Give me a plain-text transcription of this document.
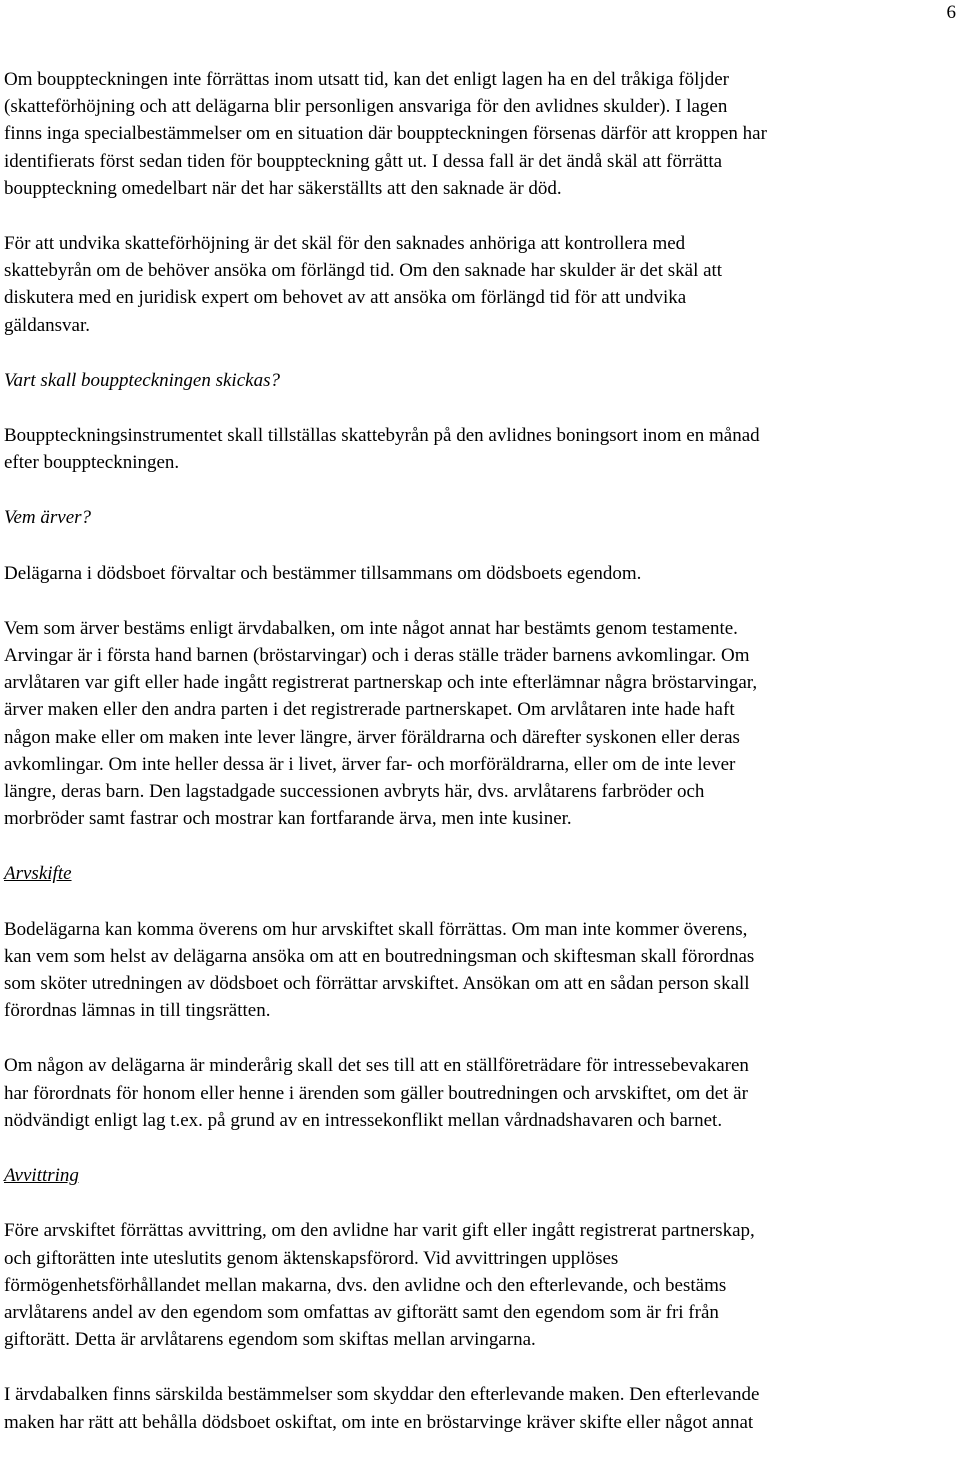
6

Om bouppteckningen inte förrättas inom utsatt tid, kan det enligt lagen ha en del tråkiga följder
(skatteförhöjning och att delägarna blir personligen ansvariga för den avlidnes skulder). I lagen
finns inga specialbestämmelser om en situation där bouppteckningen försenas därför att kroppen har
identifierats först sedan tiden för bouppteckning gått ut. I dessa fall är det ändå skäl att förrätta
bouppteckning omedelbart när det har säkerställts att den saknade är död.

För att undvika skatteförhöjning är det skäl för den saknades anhöriga att kontrollera med
skattebyrån om de behöver ansöka om förlängd tid. Om den saknade har skulder är det skäl att
diskutera med en juridisk expert om behovet av att ansöka om förlängd tid för att undvika
gäldansvar.

Vart skall bouppteckningen skickas?

Bouppteckningsinstrumentet skall tillställas skattebyrån på den avlidnes boningsort inom en månad
efter bouppteckningen.

Vem ärver?

Delägarna i dödsboet förvaltar och bestämmer tillsammans om dödsboets egendom.

Vem som ärver bestäms enligt ärvdabalken, om inte något annat har bestämts genom testamente.
Arvingar är i första hand barnen (bröstarvingar) och i deras ställe träder barnens avkomlingar. Om
arvlåtaren var gift eller hade ingått registrerat partnerskap och inte efterlämnar några bröstarvingar,
ärver maken eller den andra parten i det registrerade partnerskapet. Om arvlåtaren inte hade haft
någon make eller om maken inte lever längre, ärver föräldrarna och därefter syskonen eller deras
avkomlingar. Om inte heller dessa är i livet, ärver far- och morföräldrarna, eller om de inte lever
längre, deras barn. Den lagstadgade successionen avbryts här, dvs. arvlåtarens farbröder och
morbröder samt fastrar och mostrar kan fortfarande ärva, men inte kusiner.

Arvskifte

Bodelägarna kan komma överens om hur arvskiftet skall förrättas. Om man inte kommer överens,
kan vem som helst av delägarna ansöka om att en boutredningsman och skiftesman skall förordnas
som sköter utredningen av dödsboet och förrättar arvskiftet. Ansökan om att en sådan person skall
förordnas lämnas in till tingsrätten.

Om någon av delägarna är minderårig skall det ses till att en ställföreträdare för intressebevakaren
har förordnats för honom eller henne i ärenden som gäller boutredningen och arvskiftet, om det är
nödvändigt enligt lag t.ex. på grund av en intressekonflikt mellan vårdnadshavaren och barnet.

Avvittring

Före arvskiftet förrättas avvittring, om den avlidne har varit gift eller ingått registrerat partnerskap,
och giftorätten inte uteslutits genom äktenskapsförord. Vid avvittringen upplöses
förmögenhetsförhållandet mellan makarna, dvs. den avlidne och den efterlevande, och bestäms
arvlåtarens andel av den egendom som omfattas av giftorätt samt den egendom som är fri från
giftorätt. Detta är arvlåtarens egendom som skiftas mellan arvingarna.

I ärvdabalken finns särskilda bestämmelser som skyddar den efterlevande maken. Den efterlevande
maken har rätt att behålla dödsboet oskiftat, om inte en bröstarvinge kräver skifte eller något annat
